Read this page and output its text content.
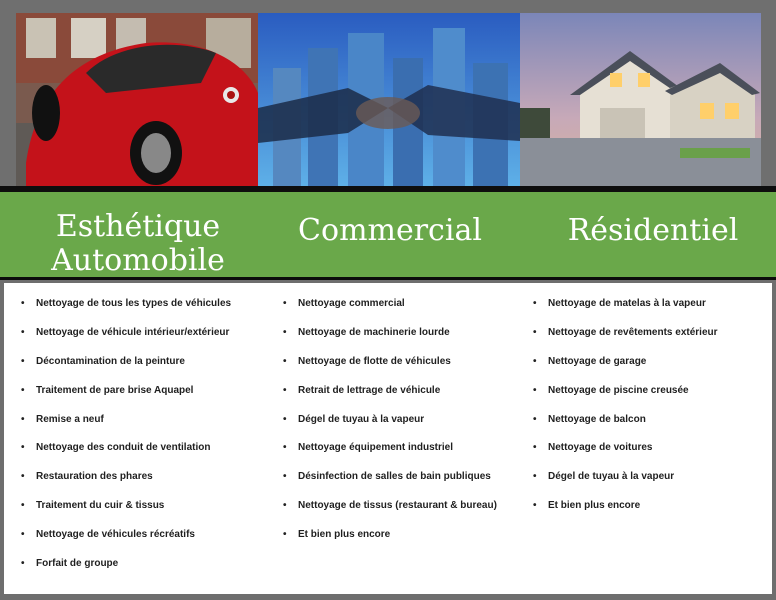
Esthétique Automobile
Commercial	Résidentiel
• Nettoyage de tous les types de véhicules
• Nettoyage de véhicule intérieur/extérieur
• Décontamination de la peinture
• Traitement de pare brise Aquapel
• Remise a neuf
• Nettoyage des conduit de ventilation
• Restauration des phares
• Traitement du cuir & tissus
• Nettoyage de véhicules récréatifs
• Forfait de groupe
• Nettoyage commercial
• Nettoyage de machinerie lourde
• Nettoyage de flotte de véhicules
• Retrait de lettrage de véhicule
• Dégel de tuyau à la vapeur
• Nettoyage équipement industriel
• Désinfection de salles de bain publiques
• Nettoyage de tissus (restaurant & bureau)
• Et bien plus encore
• Nettoyage de matelas à la vapeur
• Nettoyage de revêtements extérieur
• Nettoyage de garage
• Nettoyage de piscine creusée
• Nettoyage de balcon
• Nettoyage de voitures
• Dégel de tuyau à la vapeur
• Et bien plus encore
